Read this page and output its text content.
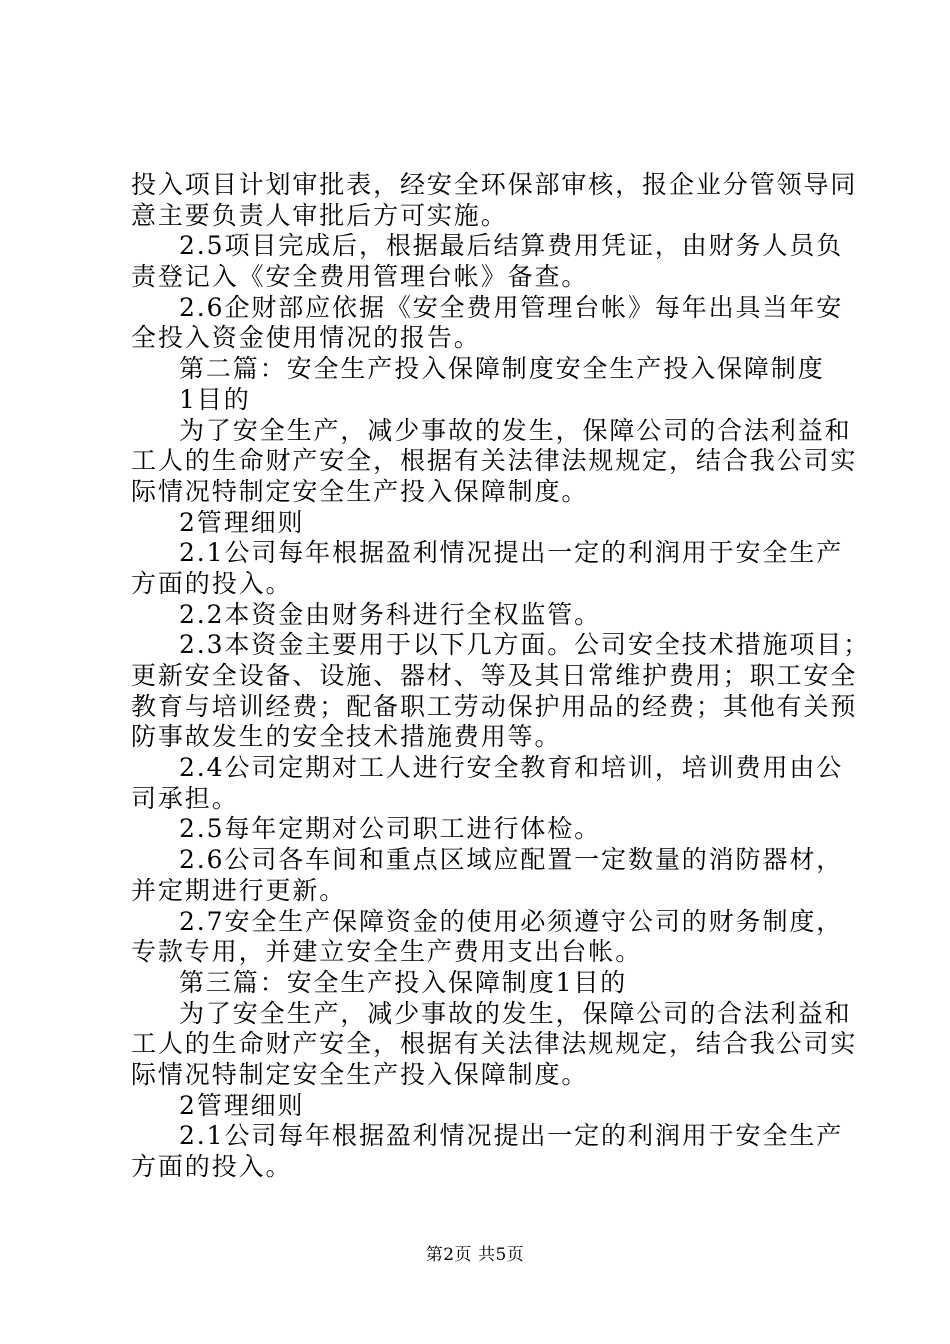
投入项目计划审批表，经安全环保部审核，报企业分管领导同
意主要负责人审批后方可实施。
2.5项目完成后，根据最后结算费用凭证，由财务人员负
责登记入《安全费用管理台帐》备查。
2.6企财部应依据《安全费用管理台帐》每年出具当年安
全投入资金使用情况的报告。
第二篇：安全生产投入保障制度安全生产投入保障制度
1目的
为了安全生产，减少事故的发生，保障公司的合法利益和
工人的生命财产安全，根据有关法律法规规定，结合我公司实
际情况特制定安全生产投入保障制度。
2管理细则
2.1公司每年根据盈利情况提出一定的利润用于安全生产
方面的投入。
2.2本资金由财务科进行全权监管。
2.3本资金主要用于以下几方面。公司安全技术措施项目；
更新安全设备、设施、器材、等及其日常维护费用；职工安全
教育与培训经费；配备职工劳动保护用品的经费；其他有关预
防事故发生的安全技术措施费用等。
2.4公司定期对工人进行安全教育和培训，培训费用由公
司承担。
2.5每年定期对公司职工进行体检。
2.6公司各车间和重点区域应配置一定数量的消防器材，
并定期进行更新。
2.7安全生产保障资金的使用必须遵守公司的财务制度，
专款专用，并建立安全生产费用支出台帐。
第三篇：安全生产投入保障制度1目的
为了安全生产，减少事故的发生，保障公司的合法利益和
工人的生命财产安全，根据有关法律法规规定，结合我公司实
际情况特制定安全生产投入保障制度。
2管理细则
2.1公司每年根据盈利情况提出一定的利润用于安全生产
方面的投入。
第2页 共5页
